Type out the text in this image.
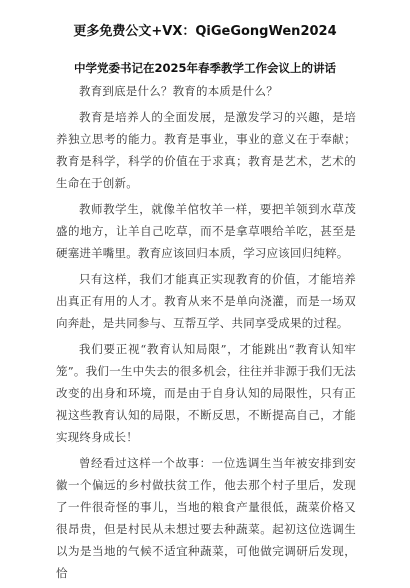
更多免费公文+VX：QiGeGongWen2024
中学党委书记在2025年春季教学工作会议上的讲话

教育到底是什么？教育的本质是什么？

教育是培养人的全面发展，是激发学习的兴趣，是培养独立思考的能力。教育是事业，事业的意义在于奉献；教育是科学，科学的价值在于求真；教育是艺术，艺术的生命在于创新。

教师教学生，就像羊倌牧羊一样，要把羊领到水草茂盛的地方，让羊自己吃草，而不是拿草喂给羊吃，甚至是硬塞进羊嘴里。教育应该回归本质，学习应该回归纯粹。

只有这样，我们才能真正实现教育的价值，才能培养出真正有用的人才。教育从来不是单向浇灌，而是一场双向奔赴，是共同参与、互帮互学、共同享受成果的过程。

我们要正视“教育认知局限”，才能跳出“教育认知牢笼”。我们一生中失去的很多机会，往往并非源于我们无法改变的出身和环境，而是由于自身认知的局限性，只有正视这些教育认知的局限，不断反思，不断提高自己，才能实现终身成长！

曾经看过这样一个故事：一位选调生当年被安排到安徽一个偏远的乡村做扶贫工作，他去那个村子里后，发现了一件很奇怪的事儿，当地的粮食产量很低，蔬菜价格又很昂贵，但是村民从未想过要去种蔬菜。起初这位选调生以为是当地的气候不适宜种蔬菜，可他做完调研后发现，恰
